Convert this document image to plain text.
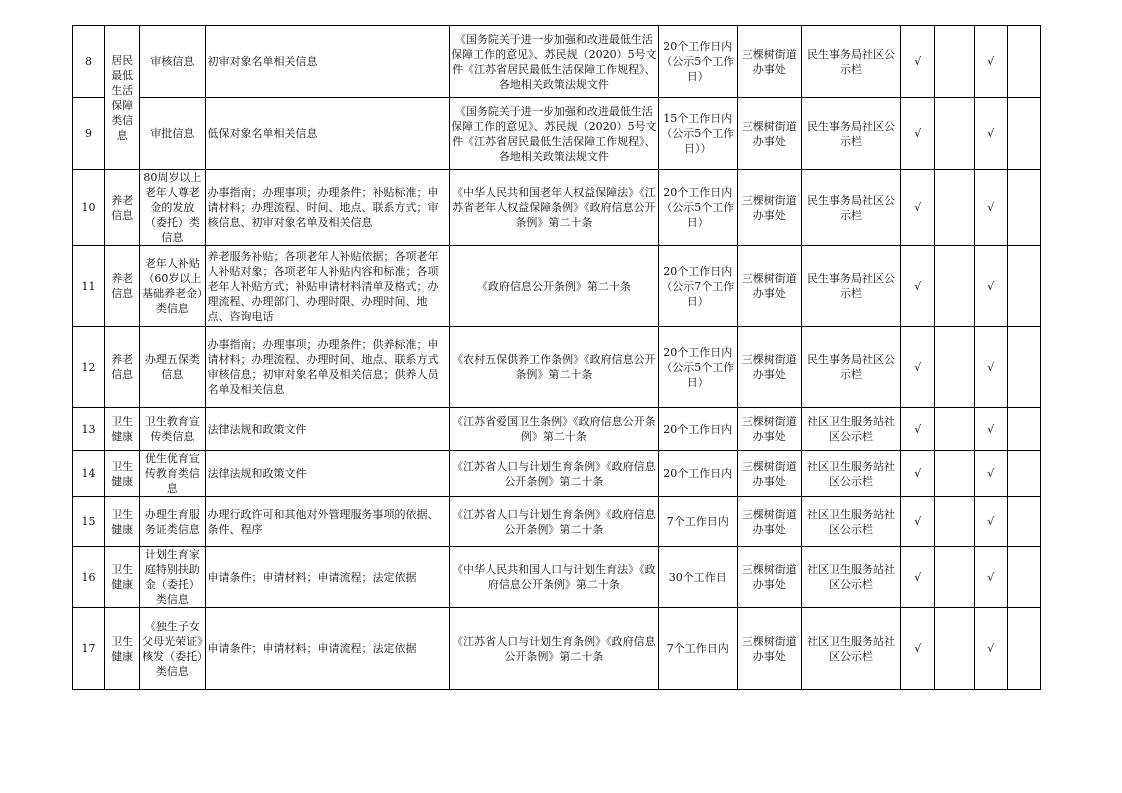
8	居民最低生活保障类信息	审核信息	初审对象名单相关信息	《国务院关于进一步加强和改进最低生活保障工作的意见》、苏民规（2020）5号文件《江苏省居民最低生活保障工作规程》、各地相关政策法规文件	20个工作日内（公示5个工作日）	三棵树街道办事处	民生事务局社区公示栏	√		√	
9		审批信息	低保对象名单相关信息	《国务院关于进一步加强和改进最低生活保障工作的意见》、苏民规（2020）5号文件《江苏省居民最低生活保障工作规程》、各地相关政策法规文件	15个工作日内（公示5个工作日））	三棵树街道办事处	民生事务局社区公示栏	√		√	
10	养老信息	80周岁以上老年人尊老金的发放（委托）类信息	办事指南；办理事项；办理条件；补贴标准；申请材料；办理流程、时间、地点、联系方式；审核信息、初审对象名单及相关信息	《中华人民共和国老年人权益保障法》《江苏省老年人权益保障条例》《政府信息公开条例》第二十条	20个工作日内（公示5个工作日）	三棵树街道办事处	民生事务局社区公示栏	√		√	
11	养老信息	老年人补贴（60岁以上基础养老金）类信息	养老服务补贴；各项老年人补贴依据；各项老年人补贴对象；各项老年人补贴内容和标准；各项老年人补贴方式；补贴申请材料清单及格式；办理流程、办理部门、办理时限、办理时间、地点、咨询电话	《政府信息公开条例》第二十条	20个工作日内（公示7个工作日）	三棵树街道办事处	民生事务局社区公示栏	√		√	
12	养老信息	办理五保类信息	办事指南；办理事项；办理条件；供养标准；申请材料；办理流程、办理时间、地点、联系方式审核信息；初审对象名单及相关信息；供养人员名单及相关信息	《农村五保供养工作条例》《政府信息公开条例》第二十条	20个工作日内（公示5个工作日）	三棵树街道办事处	民生事务局社区公示栏	√		√	
13	卫生健康	卫生教育宣传类信息	法律法规和政策文件	《江苏省爱国卫生条例》《政府信息公开条例》第二十条	20个工作日内	三棵树街道办事处	社区卫生服务站社区公示栏	√		√	
14	卫生健康	优生优育宣传教育类信息	法律法规和政策文件	《江苏省人口与计划生育条例》《政府信息公开条例》第二十条	20个工作日内	三棵树街道办事处	社区卫生服务站社区公示栏	√		√	
15	卫生健康	办理生育服务证类信息	办理行政许可和其他对外管理服务事项的依据、条件、程序	《江苏省人口与计划生育条例》《政府信息公开条例》第二十条	7个工作日内	三棵树街道办事处	社区卫生服务站社区公示栏	√		√	
16	卫生健康	计划生育家庭特别扶助金（委托）类信息	申请条件；申请材料；申请流程；法定依据	《中华人民共和国人口与计划生育法》《政府信息公开条例》第二十条	30个工作日	三棵树街道办事处	社区卫生服务站社区公示栏	√		√	
17	卫生健康	《独生子女父母光荣证》核发（委托）类信息	申请条件；申请材料；申请流程；法定依据	《江苏省人口与计划生育条例》《政府信息公开条例》第二十条	7个工作日内	三棵树街道办事处	社区卫生服务站社区公示栏	√		√	
